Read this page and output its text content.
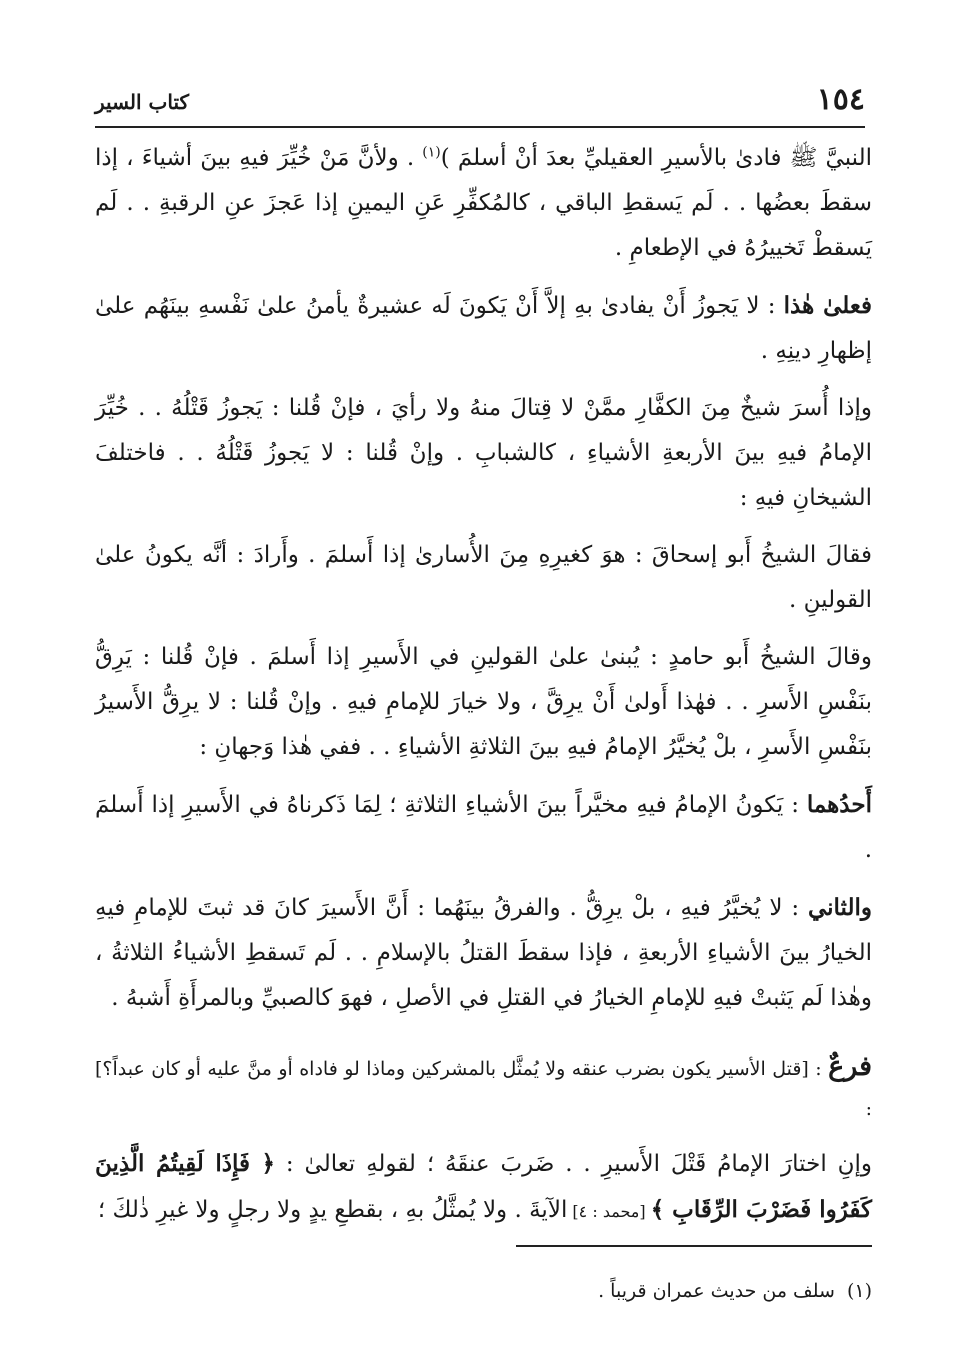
١٥٤
كتاب السير

النبيَّ ﷺ فادىٰ بالأسيرِ العقيليِّ بعدَ أنْ أسلمَ )$^{(١)}$ . ولأنَّ مَنْ خُيِّرَ فيهِ بينَ أشياءَ ، إذا سقطَ بعضُها . . لَم يَسقطِ الباقي ، كالمُكفِّرِ عَنِ اليمينِ إذا عَجزَ عنِ الرقبةِ . . لَم يَسقطْ تَخييرُهُ في الإطعامِ .

فعلىٰ هٰذا : لا يَجوزُ أَنْ يفادىٰ بهِ إلاَّ أَنْ يَكونَ لَه عشيرةٌ يأمنُ علىٰ نَفْسهِ بينَهُم علىٰ إظهارِ دينِهِ .

وإذا أُسرَ شيخٌ مِنَ الكفَّارِ ممَّنْ لا قِتالَ منهُ ولا رأيَ ، فإنْ قُلنا : يَجوزُ قَتْلُهُ . . خُيِّرَ الإمامُ فيهِ بينَ الأربعةِ الأشياءِ ، كالشبابِ . وإنْ قُلنا : لا يَجوزُ قَتْلُهُ . . فاختلفَ الشيخانِ فيهِ :

فقالَ الشيخُ أَبو إسحاقَ : هوَ كغيرِهِ مِنَ الأُسارىٰ إذا أَسلمَ . وأَرادَ : أنَّه يكونُ علىٰ القولينِ .

وقالَ الشيخُ أَبو حامدٍ : يُبنىٰ علىٰ القولينِ في الأَسيرِ إذا أَسلمَ . فإنْ قُلنا : يَرِقُّ بنَفْسِ الأَسرِ . . فهٰذا أَولىٰ أَنْ يرِقَّ ، ولا خيارَ للإمامِ فيهِ . وإنْ قُلنا : لا يرِقُّ الأَسيرُ بنَفْسِ الأَسرِ ، بلْ يُخيَّرُ الإمامُ فيهِ بينَ الثلاثةِ الأشياءِ . . ففي هٰذا وَجهانِ :

أَحدُهما : يَكونُ الإمامُ فيهِ مخيَّراً بينَ الأشياءِ الثلاثةِ ؛ لِمَا ذَكرناهُ في الأَسيرِ إذا أَسلمَ .

والثاني : لا يُخيَّرُ فيهِ ، بلْ يرِقُّ . والفرقُ بينَهُما : أَنَّ الأَسيرَ كانَ قد ثبتَ للإمامِ فيهِ الخيارُ بينَ الأشياءِ الأربعةِ ، فإذا سقطَ القتلُ بالإسلامِ . . لَم تَسقطِ الأشياءُ الثلاثةُ ، وهٰذا لَم يَثبتْ فيهِ للإمامِ الخيارُ في القتلِ في الأصلِ ، فهوَ كالصبيِّ وبالمرأَةِ أَشبهُ .

فرعٌ : [قتل الأسير يكون بضرب عنقه ولا يُمثَّل بالمشركين وماذا لو فاداه أو منَّ عليه أو كان عبداً؟] :

وإنِ اختارَ الإمامُ قَتْلَ الأَسيرِ . . ضَربَ عنقَهُ ؛ لقولهِ تعالىٰ : ﴿ فَإِذَا لَقِيتُمُ الَّذِينَ كَفَرُوا فَضَرْبَ الرِّقَابِ ﴾ [محمد : ٤] الآيةَ . ولا يُمثَّلُ بهِ ، بقطعِ يدٍ ولا رجلٍ ولا غيرِ ذٰلكَ ؛

(١)سلف من حديث عمران قريباً .
